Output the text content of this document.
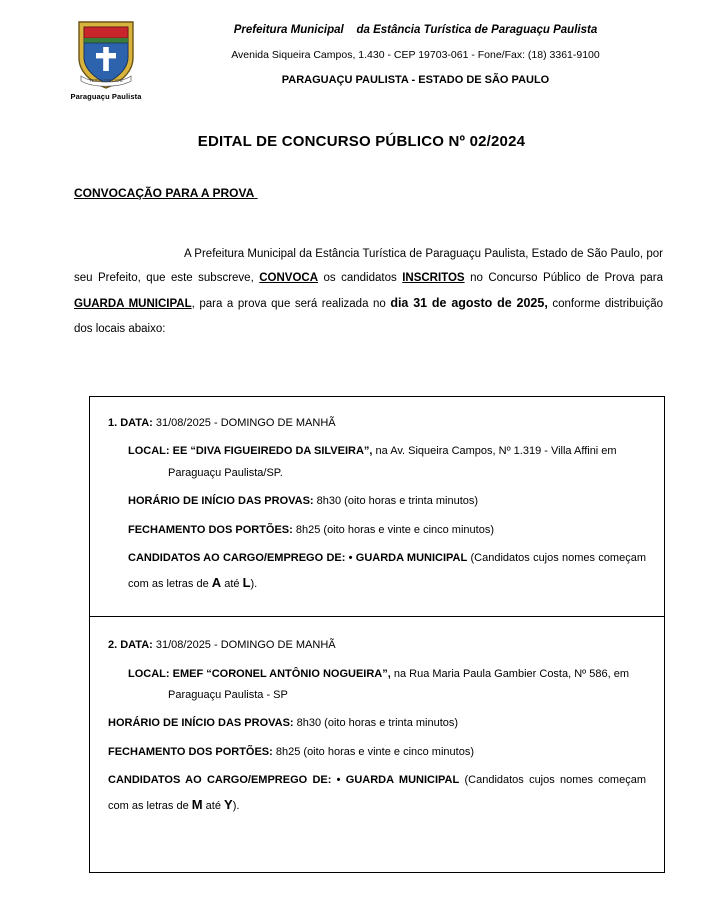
TERRA DO CAFE
Paraguaçu Paulista
Prefeitura Municipal da Estância Turística de Paraguaçu Paulista
Avenida Siqueira Campos, 1.430 - CEP 19703-061 - Fone/Fax: (18) 3361-9100
PARAGUAÇU PAULISTA - ESTADO DE SÃO PAULO
EDITAL DE CONCURSO PÚBLICO Nº 02/2024
CONVOCAÇÃO PARA A PROVA
A Prefeitura Municipal da Estância Turística de Paraguaçu Paulista, Estado de São Paulo, por seu Prefeito, que este subscreve, CONVOCA os candidatos INSCRITOS no Concurso Público de Prova para GUARDA MUNICIPAL, para a prova que será realizada no dia 31 de agosto de 2025, conforme distribuição dos locais abaixo:
1. DATA: 31/08/2025 - DOMINGO DE MANHÃ
LOCAL: EE “DIVA FIGUEIREDO DA SILVEIRA”, na Av. Siqueira Campos, Nº 1.319 - Villa Affini em
Paraguaçu Paulista/SP.
HORÁRIO DE INÍCIO DAS PROVAS: 8h30 (oito horas e trinta minutos)
FECHAMENTO DOS PORTÕES: 8h25 (oito horas e vinte e cinco minutos)
CANDIDATOS AO CARGO/EMPREGO DE: • GUARDA MUNICIPAL (Candidatos cujos nomes começam com as letras de A até L).
2. DATA: 31/08/2025 - DOMINGO DE MANHÃ
LOCAL: EMEF “CORONEL ANTÔNIO NOGUEIRA”, na Rua Maria Paula Gambier Costa, Nº 586, em
Paraguaçu Paulista - SP
HORÁRIO DE INÍCIO DAS PROVAS: 8h30 (oito horas e trinta minutos)
FECHAMENTO DOS PORTÕES: 8h25 (oito horas e vinte e cinco minutos)
CANDIDATOS AO CARGO/EMPREGO DE: • GUARDA MUNICIPAL (Candidatos cujos nomes começam com as letras de M até Y).
